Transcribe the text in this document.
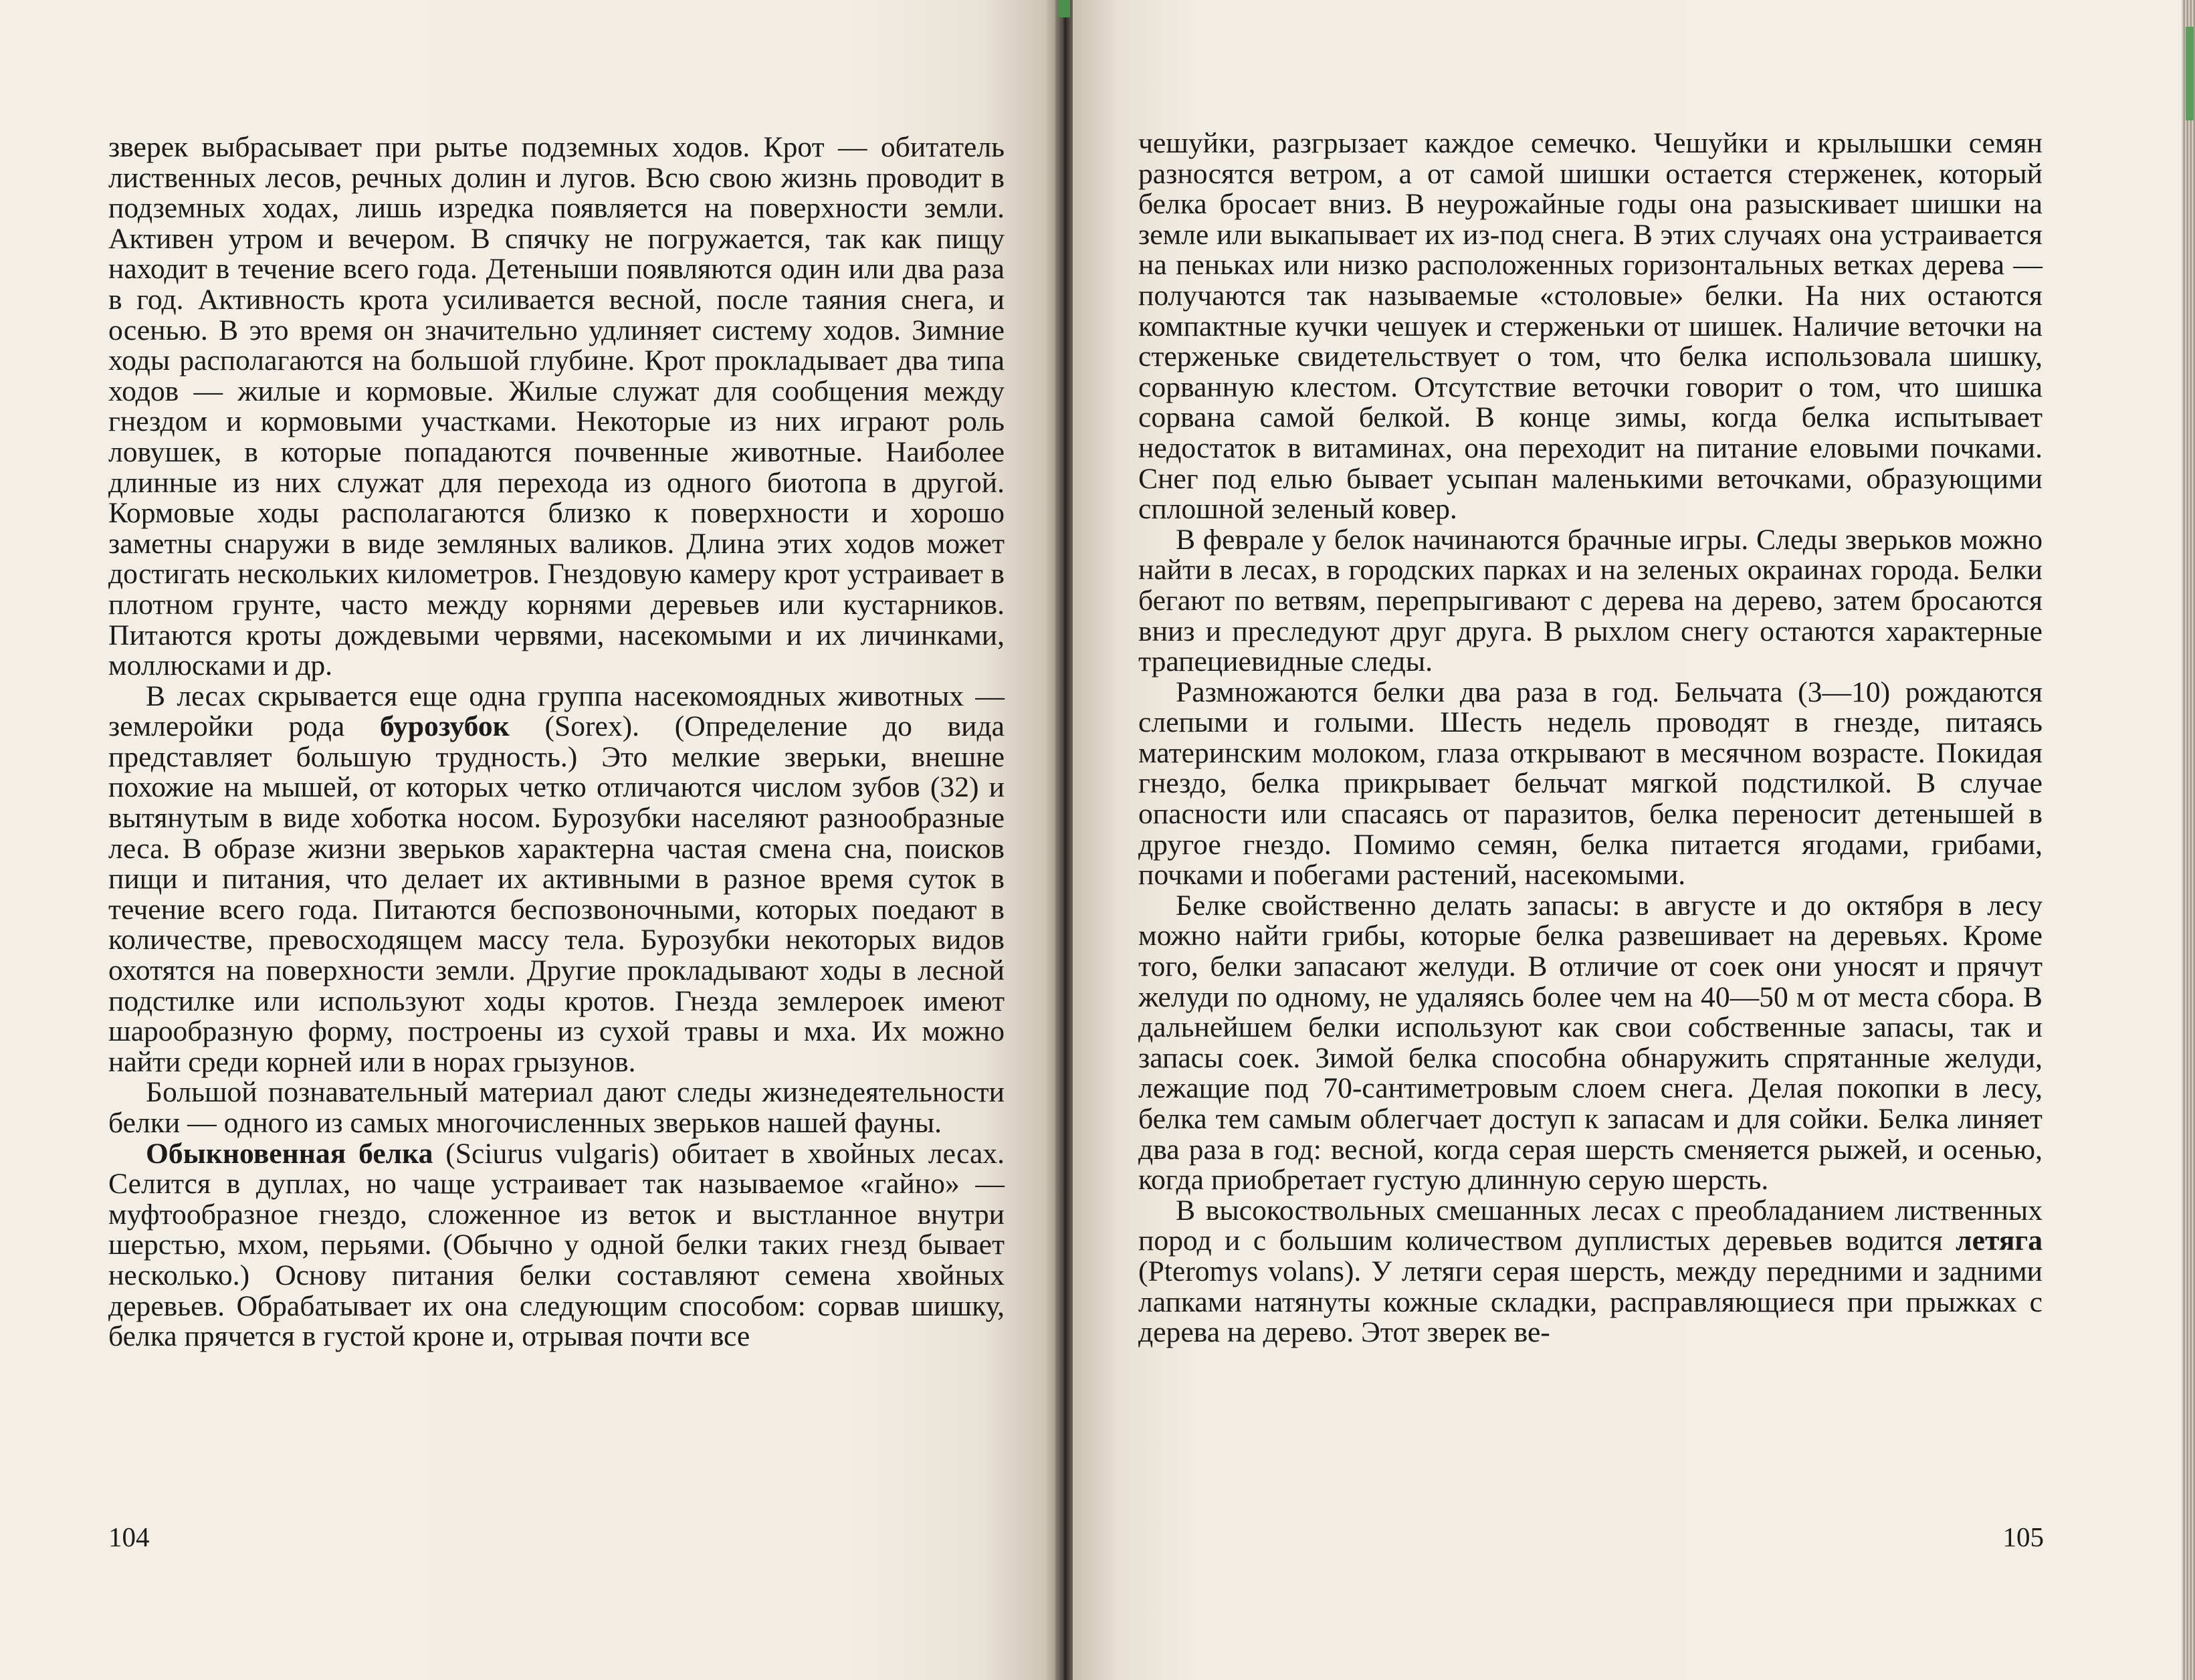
зверек выбрасывает при рытье подземных ходов. Крот — обитатель лиственных лесов, речных долин и лугов. Всю свою жизнь проводит в подземных ходах, лишь изредка появляется на поверхности земли. Активен утром и вечером. В спячку не погружается, так как пищу находит в течение всего года. Детеныши появляются один или два раза в год. Активность крота усиливается весной, после таяния снега, и осенью. В это время он значительно удлиняет систему ходов. Зимние ходы располагаются на большой глубине. Крот прокладывает два типа ходов — жилые и кормовые. Жилые служат для сообщения между гнездом и кормовыми участками. Некоторые из них играют роль ловушек, в которые попадаются почвенные животные. Наиболее длинные из них служат для перехода из одного биотопа в другой. Кормовые ходы располагаются близко к поверхности и хорошо заметны снаружи в виде земляных валиков. Длина этих ходов может достигать нескольких километров. Гнездовую камеру крот устраивает в плотном грунте, часто между корнями деревьев или кустарников. Питаются кроты дождевыми червями, насекомыми и их личинками, моллюсками и др.

В лесах скрывается еще одна группа насекомоядных животных — землеройки рода бурозубок (Sorex). (Определение до вида представляет большую трудность.) Это мелкие зверьки, внешне похожие на мышей, от которых четко отличаются числом зубов (32) и вытянутым в виде хоботка носом. Бурозубки населяют разнообразные леса. В образе жизни зверьков характерна частая смена сна, поисков пищи и питания, что делает их активными в разное время суток в течение всего года. Питаются беспозвоночными, которых поедают в количестве, превосходящем массу тела. Бурозубки некоторых видов охотятся на поверхности земли. Другие прокладывают ходы в лесной подстилке или используют ходы кротов. Гнезда землероек имеют шарообразную форму, построены из сухой травы и мха. Их можно найти среди корней или в норах грызунов.

Большой познавательный материал дают следы жизнедеятельности белки — одного из самых многочисленных зверьков нашей фауны.

Обыкновенная белка (Sciurus vulgaris) обитает в хвойных лесах. Селится в дуплах, но чаще устраивает так называемое «гайно» — муфтообразное гнездо, сложенное из веток и выстланное внутри шерстью, мхом, перьями. (Обычно у одной белки таких гнезд бывает несколько.) Основу питания белки составляют семена хвойных деревьев. Обрабатывает их она следующим способом: сорвав шишку, белка прячется в густой кроне и, отрывая почти все

104

чешуйки, разгрызает каждое семечко. Чешуйки и крылышки семян разносятся ветром, а от самой шишки остается стерженек, который белка бросает вниз. В неурожайные годы она разыскивает шишки на земле или выкапывает их из-под снега. В этих случаях она устраивается на пеньках или низко расположенных горизонтальных ветках дерева — получаются так называемые «столовые» белки. На них остаются компактные кучки чешуек и стерженьки от шишек. Наличие веточки на стерженьке свидетельствует о том, что белка использовала шишку, сорванную клестом. Отсутствие веточки говорит о том, что шишка сорвана самой белкой. В конце зимы, когда белка испытывает недостаток в витаминах, она переходит на питание еловыми почками. Снег под елью бывает усыпан маленькими веточками, образующими сплошной зеленый ковер.

В феврале у белок начинаются брачные игры. Следы зверьков можно найти в лесах, в городских парках и на зеленых окраинах города. Белки бегают по ветвям, перепрыгивают с дерева на дерево, затем бросаются вниз и преследуют друг друга. В рыхлом снегу остаются характерные трапециевидные следы.

Размножаются белки два раза в год. Бельчата (3—10) рождаются слепыми и голыми. Шесть недель проводят в гнезде, питаясь материнским молоком, глаза открывают в месячном возрасте. Покидая гнездо, белка прикрывает бельчат мягкой подстилкой. В случае опасности или спасаясь от паразитов, белка переносит детенышей в другое гнездо. Помимо семян, белка питается ягодами, грибами, почками и побегами растений, насекомыми.

Белке свойственно делать запасы: в августе и до октября в лесу можно найти грибы, которые белка развешивает на деревьях. Кроме того, белки запасают желуди. В отличие от соек они уносят и прячут желуди по одному, не удаляясь более чем на 40—50 м от места сбора. В дальнейшем белки используют как свои собственные запасы, так и запасы соек. Зимой белка способна обнаружить спрятанные желуди, лежащие под 70-сантиметровым слоем снега. Делая покопки в лесу, белка тем самым облегчает доступ к запасам и для сойки. Белка линяет два раза в год: весной, когда серая шерсть сменяется рыжей, и осенью, когда приобретает густую длинную серую шерсть.

В высокоствольных смешанных лесах с преобладанием лиственных пород и с большим количеством дуплистых деревьев водится летяга (Pteromys volans). У летяги серая шерсть, между передними и задними лапками натянуты кожные складки, расправляющиеся при прыжках с дерева на дерево. Этот зверек ве-

105
